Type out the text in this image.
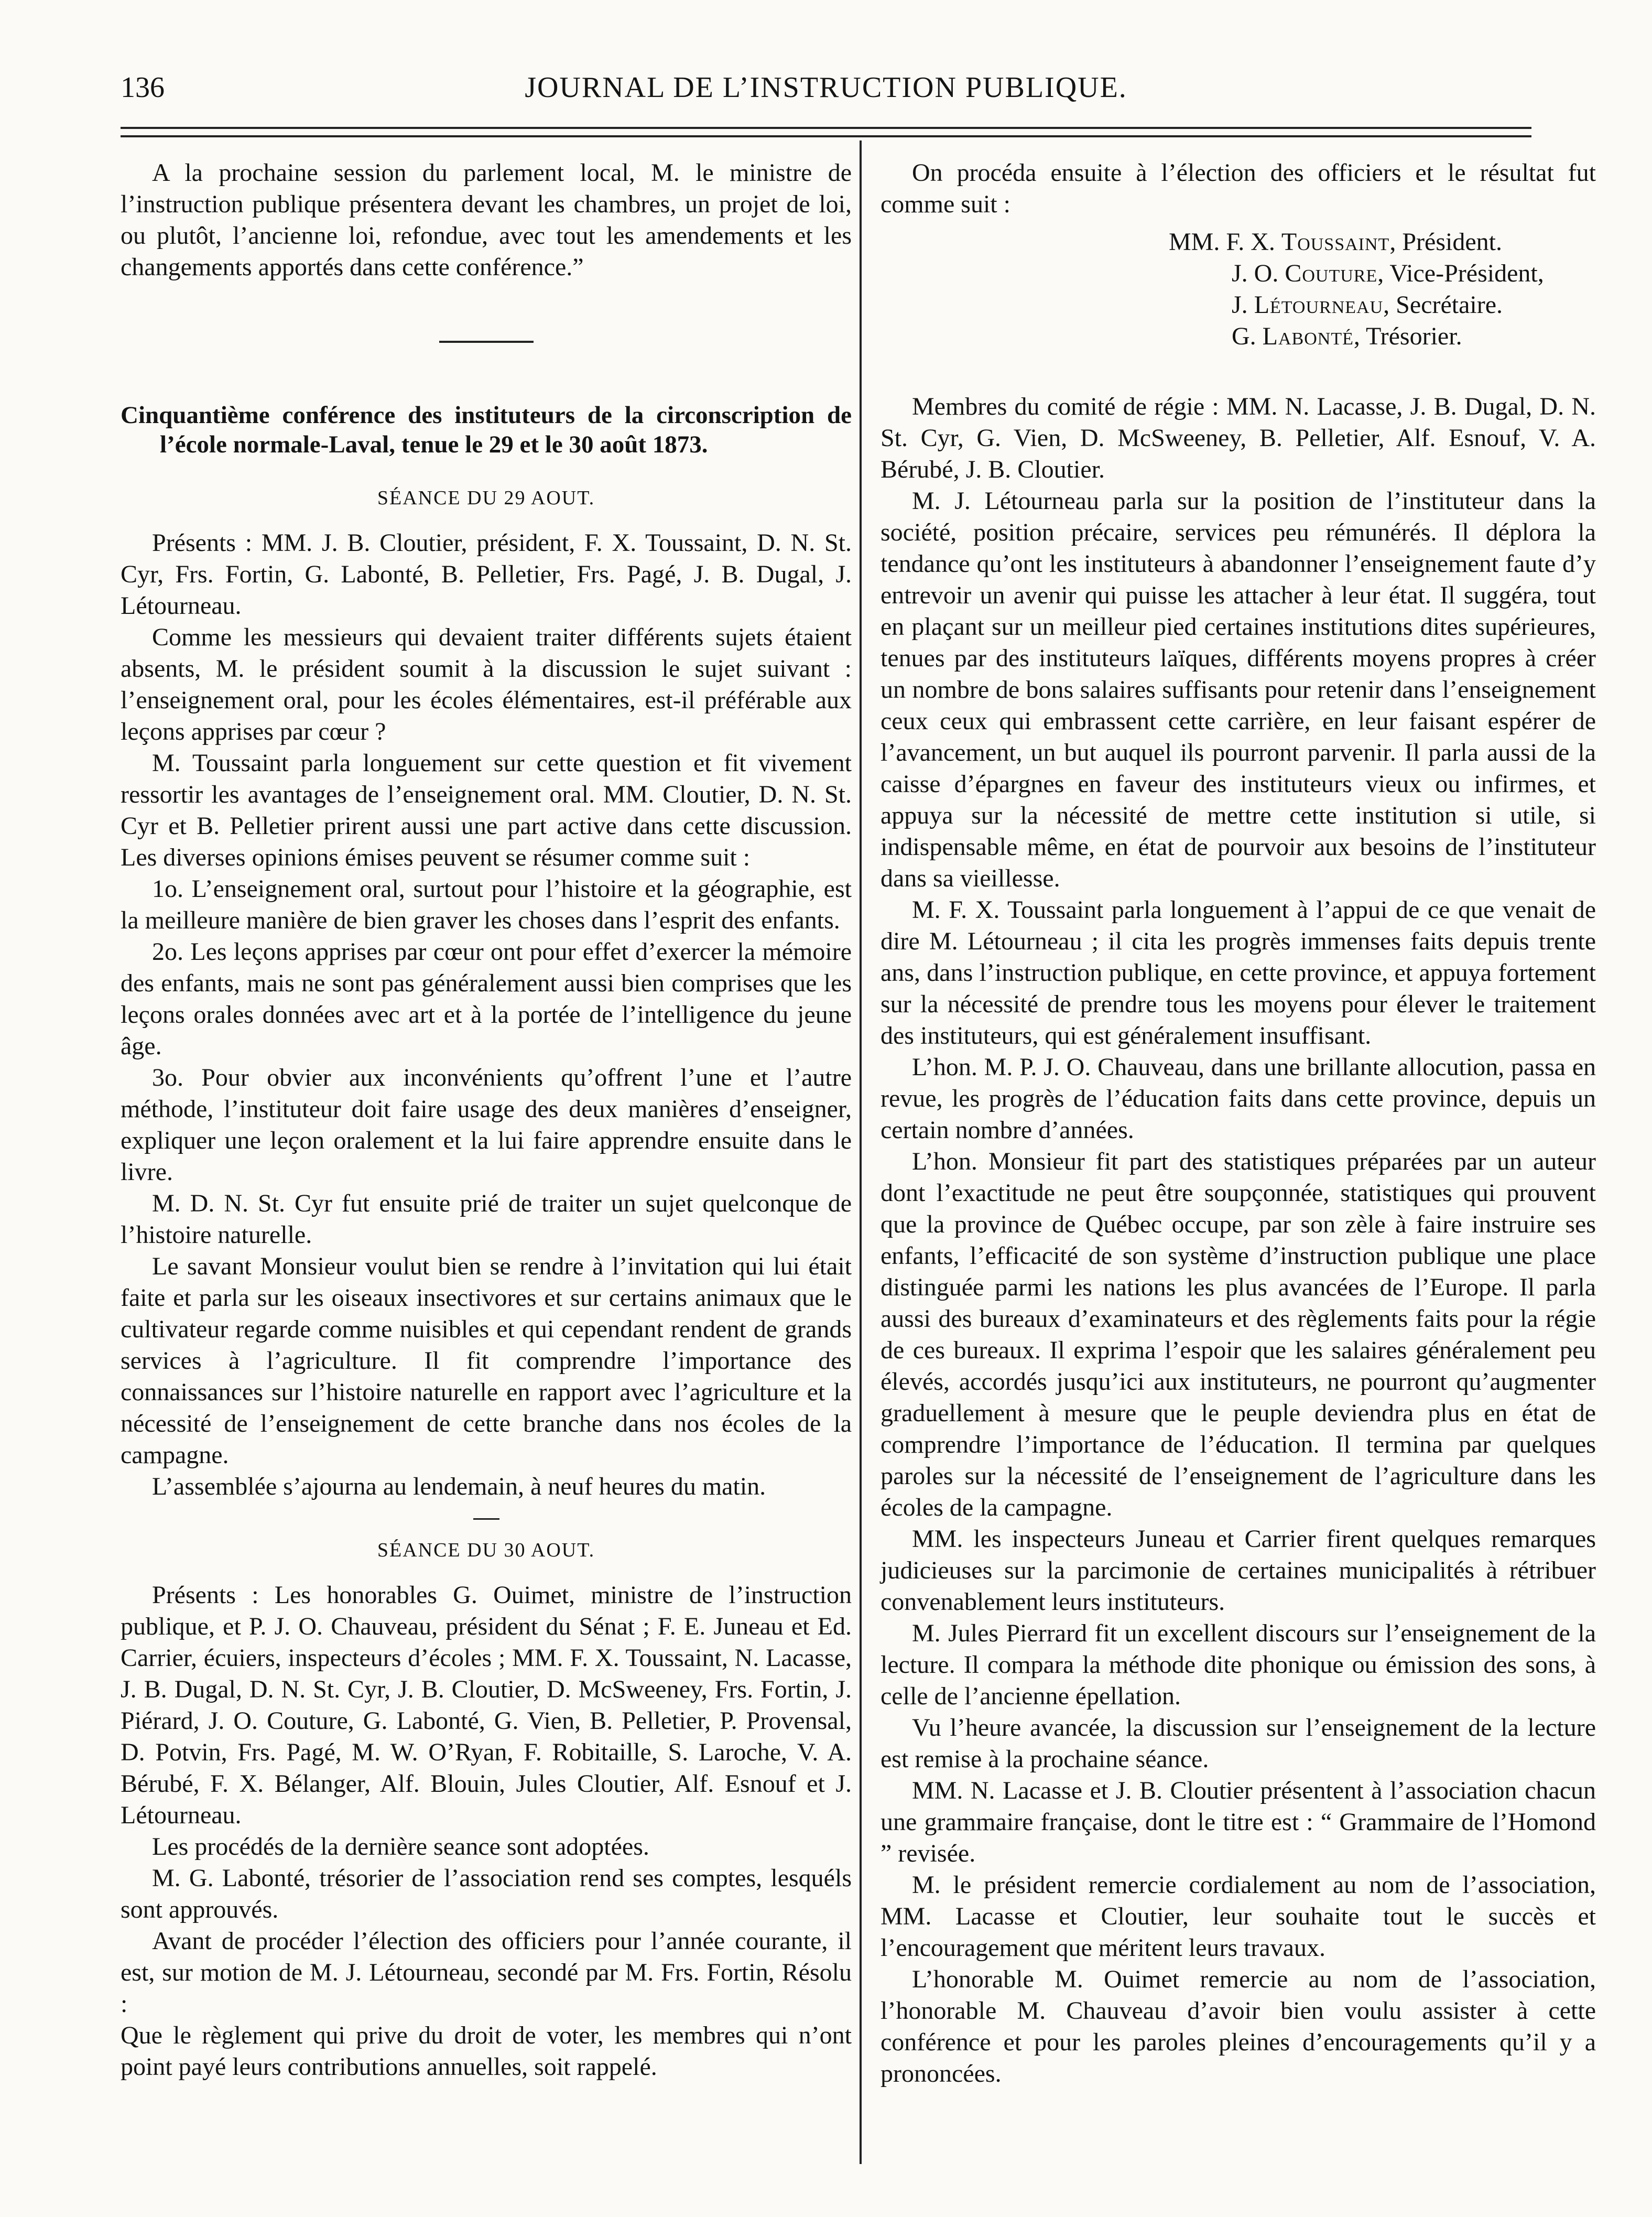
136	JOURNAL DE L’INSTRUCTION PUBLIQUE.

A la prochaine session du parlement local, M. le ministre de l’instruction publique présentera devant les chambres, un projet de loi, ou plutôt, l’ancienne loi, refondue, avec tout les amendements et les changements apportés dans cette conférence.”

Cinquantième conférence des instituteurs de la circonscription de l’école normale-Laval, tenue le 29 et le 30 août 1873.
SÉANCE DU 29 AOUT.

Présents : MM. J. B. Cloutier, président, F. X. Toussaint, D. N. St. Cyr, Frs. Fortin, G. Labonté, B. Pelletier, Frs. Pagé, J. B. Dugal, J. Létourneau.

Comme les messieurs qui devaient traiter différents sujets étaient absents, M. le président soumit à la discussion le sujet suivant : l’enseignement oral, pour les écoles élémentaires, est-il préférable aux leçons apprises par cœur ?

M. Toussaint parla longuement sur cette question et fit vivement ressortir les avantages de l’enseignement oral. MM. Cloutier, D. N. St. Cyr et B. Pelletier prirent aussi une part active dans cette discussion. Les diverses opinions émises peuvent se résumer comme suit :

1o. L’enseignement oral, surtout pour l’histoire et la géographie, est la meilleure manière de bien graver les choses dans l’esprit des enfants.

2o. Les leçons apprises par cœur ont pour effet d’exercer la mémoire des enfants, mais ne sont pas généralement aussi bien comprises que les leçons orales données avec art et à la portée de l’intelligence du jeune âge.

3o. Pour obvier aux inconvénients qu’offrent l’une et l’autre méthode, l’instituteur doit faire usage des deux manières d’enseigner, expliquer une leçon oralement et la lui faire apprendre ensuite dans le livre.

M. D. N. St. Cyr fut ensuite prié de traiter un sujet quelconque de l’histoire naturelle.

Le savant Monsieur voulut bien se rendre à l’invitation qui lui était faite et parla sur les oiseaux insectivores et sur certains animaux que le cultivateur regarde comme nuisibles et qui cependant rendent de grands services à l’agriculture. Il fit comprendre l’importance des connaissances sur l’histoire naturelle en rapport avec l’agriculture et la nécessité de l’enseignement de cette branche dans nos écoles de la campagne.

L’assemblée s’ajourna au lendemain, à neuf heures du matin.

SÉANCE DU 30 AOUT.

Présents : Les honorables G. Ouimet, ministre de l’instruction publique, et P. J. O. Chauveau, président du Sénat ; F. E. Juneau et Ed. Carrier, écuiers, inspecteurs d’écoles ; MM. F. X. Toussaint, N. Lacasse, J. B. Dugal, D. N. St. Cyr, J. B. Cloutier, D. McSweeney, Frs. Fortin, J. Piérard, J. O. Couture, G. Labonté, G. Vien, B. Pelletier, P. Provensal, D. Potvin, Frs. Pagé, M. W. O’Ryan, F. Robitaille, S. Laroche, V. A. Bérubé, F. X. Bélanger, Alf. Blouin, Jules Cloutier, Alf. Esnouf et J. Létourneau.

Les procédés de la dernière seance sont adoptées.

M. G. Labonté, trésorier de l’association rend ses comptes, lesquéls sont approuvés.

Avant de procéder l’élection des officiers pour l’année courante, il est, sur motion de M. J. Létourneau, secondé par M. Frs. Fortin, Résolu :

Que le règlement qui prive du droit de voter, les membres qui n’ont point payé leurs contributions annuelles, soit rappelé.

On procéda ensuite à l’élection des officiers et le résultat fut comme suit :

MM. F. X. Toussaint, Président.
J. O. Couture, Vice-Président,
J. Létourneau, Secrétaire.
G. Labonté, Trésorier.

Membres du comité de régie : MM. N. Lacasse, J. B. Dugal, D. N. St. Cyr, G. Vien, D. McSweeney, B. Pelletier, Alf. Esnouf, V. A. Bérubé, J. B. Cloutier.

M. J. Létourneau parla sur la position de l’instituteur dans la société, position précaire, services peu rémunérés. Il déplora la tendance qu’ont les instituteurs à abandonner l’enseignement faute d’y entrevoir un avenir qui puisse les attacher à leur état. Il suggéra, tout en plaçant sur un meilleur pied certaines institutions dites supérieures, tenues par des instituteurs laïques, différents moyens propres à créer un nombre de bons salaires suffisants pour retenir dans l’enseignement ceux ceux qui embrassent cette carrière, en leur faisant espérer de l’avancement, un but auquel ils pourront parvenir. Il parla aussi de la caisse d’épargnes en faveur des instituteurs vieux ou infirmes, et appuya sur la nécessité de mettre cette institution si utile, si indispensable même, en état de pourvoir aux besoins de l’instituteur dans sa vieillesse.

M. F. X. Toussaint parla longuement à l’appui de ce que venait de dire M. Létourneau ; il cita les progrès immenses faits depuis trente ans, dans l’instruction publique, en cette province, et appuya fortement sur la nécessité de prendre tous les moyens pour élever le traitement des instituteurs, qui est généralement insuffisant.

L’hon. M. P. J. O. Chauveau, dans une brillante allocution, passa en revue, les progrès de l’éducation faits dans cette province, depuis un certain nombre d’années.

L’hon. Monsieur fit part des statistiques préparées par un auteur dont l’exactitude ne peut être soupçonnée, statistiques qui prouvent que la province de Québec occupe, par son zèle à faire instruire ses enfants, l’efficacité de son système d’instruction publique une place distinguée parmi les nations les plus avancées de l’Europe. Il parla aussi des bureaux d’examinateurs et des règlements faits pour la régie de ces bureaux. Il exprima l’espoir que les salaires généralement peu élevés, accordés jusqu’ici aux instituteurs, ne pourront qu’augmenter graduellement à mesure que le peuple deviendra plus en état de comprendre l’importance de l’éducation. Il termina par quelques paroles sur la nécessité de l’enseignement de l’agriculture dans les écoles de la campagne.

MM. les inspecteurs Juneau et Carrier firent quelques remarques judicieuses sur la parcimonie de certaines municipalités à rétribuer convenablement leurs instituteurs.

M. Jules Pierrard fit un excellent discours sur l’enseignement de la lecture. Il compara la méthode dite phonique ou émission des sons, à celle de l’ancienne épellation.

Vu l’heure avancée, la discussion sur l’enseignement de la lecture est remise à la prochaine séance.

MM. N. Lacasse et J. B. Cloutier présentent à l’association chacun une grammaire française, dont le titre est : “ Grammaire de l’Homond ” revisée.

M. le président remercie cordialement au nom de l’association, MM. Lacasse et Cloutier, leur souhaite tout le succès et l’encouragement que méritent leurs travaux.

L’honorable M. Ouimet remercie au nom de l’association, l’honorable M. Chauveau d’avoir bien voulu assister à cette conférence et pour les paroles pleines d’encouragements qu’il y a prononcées.
